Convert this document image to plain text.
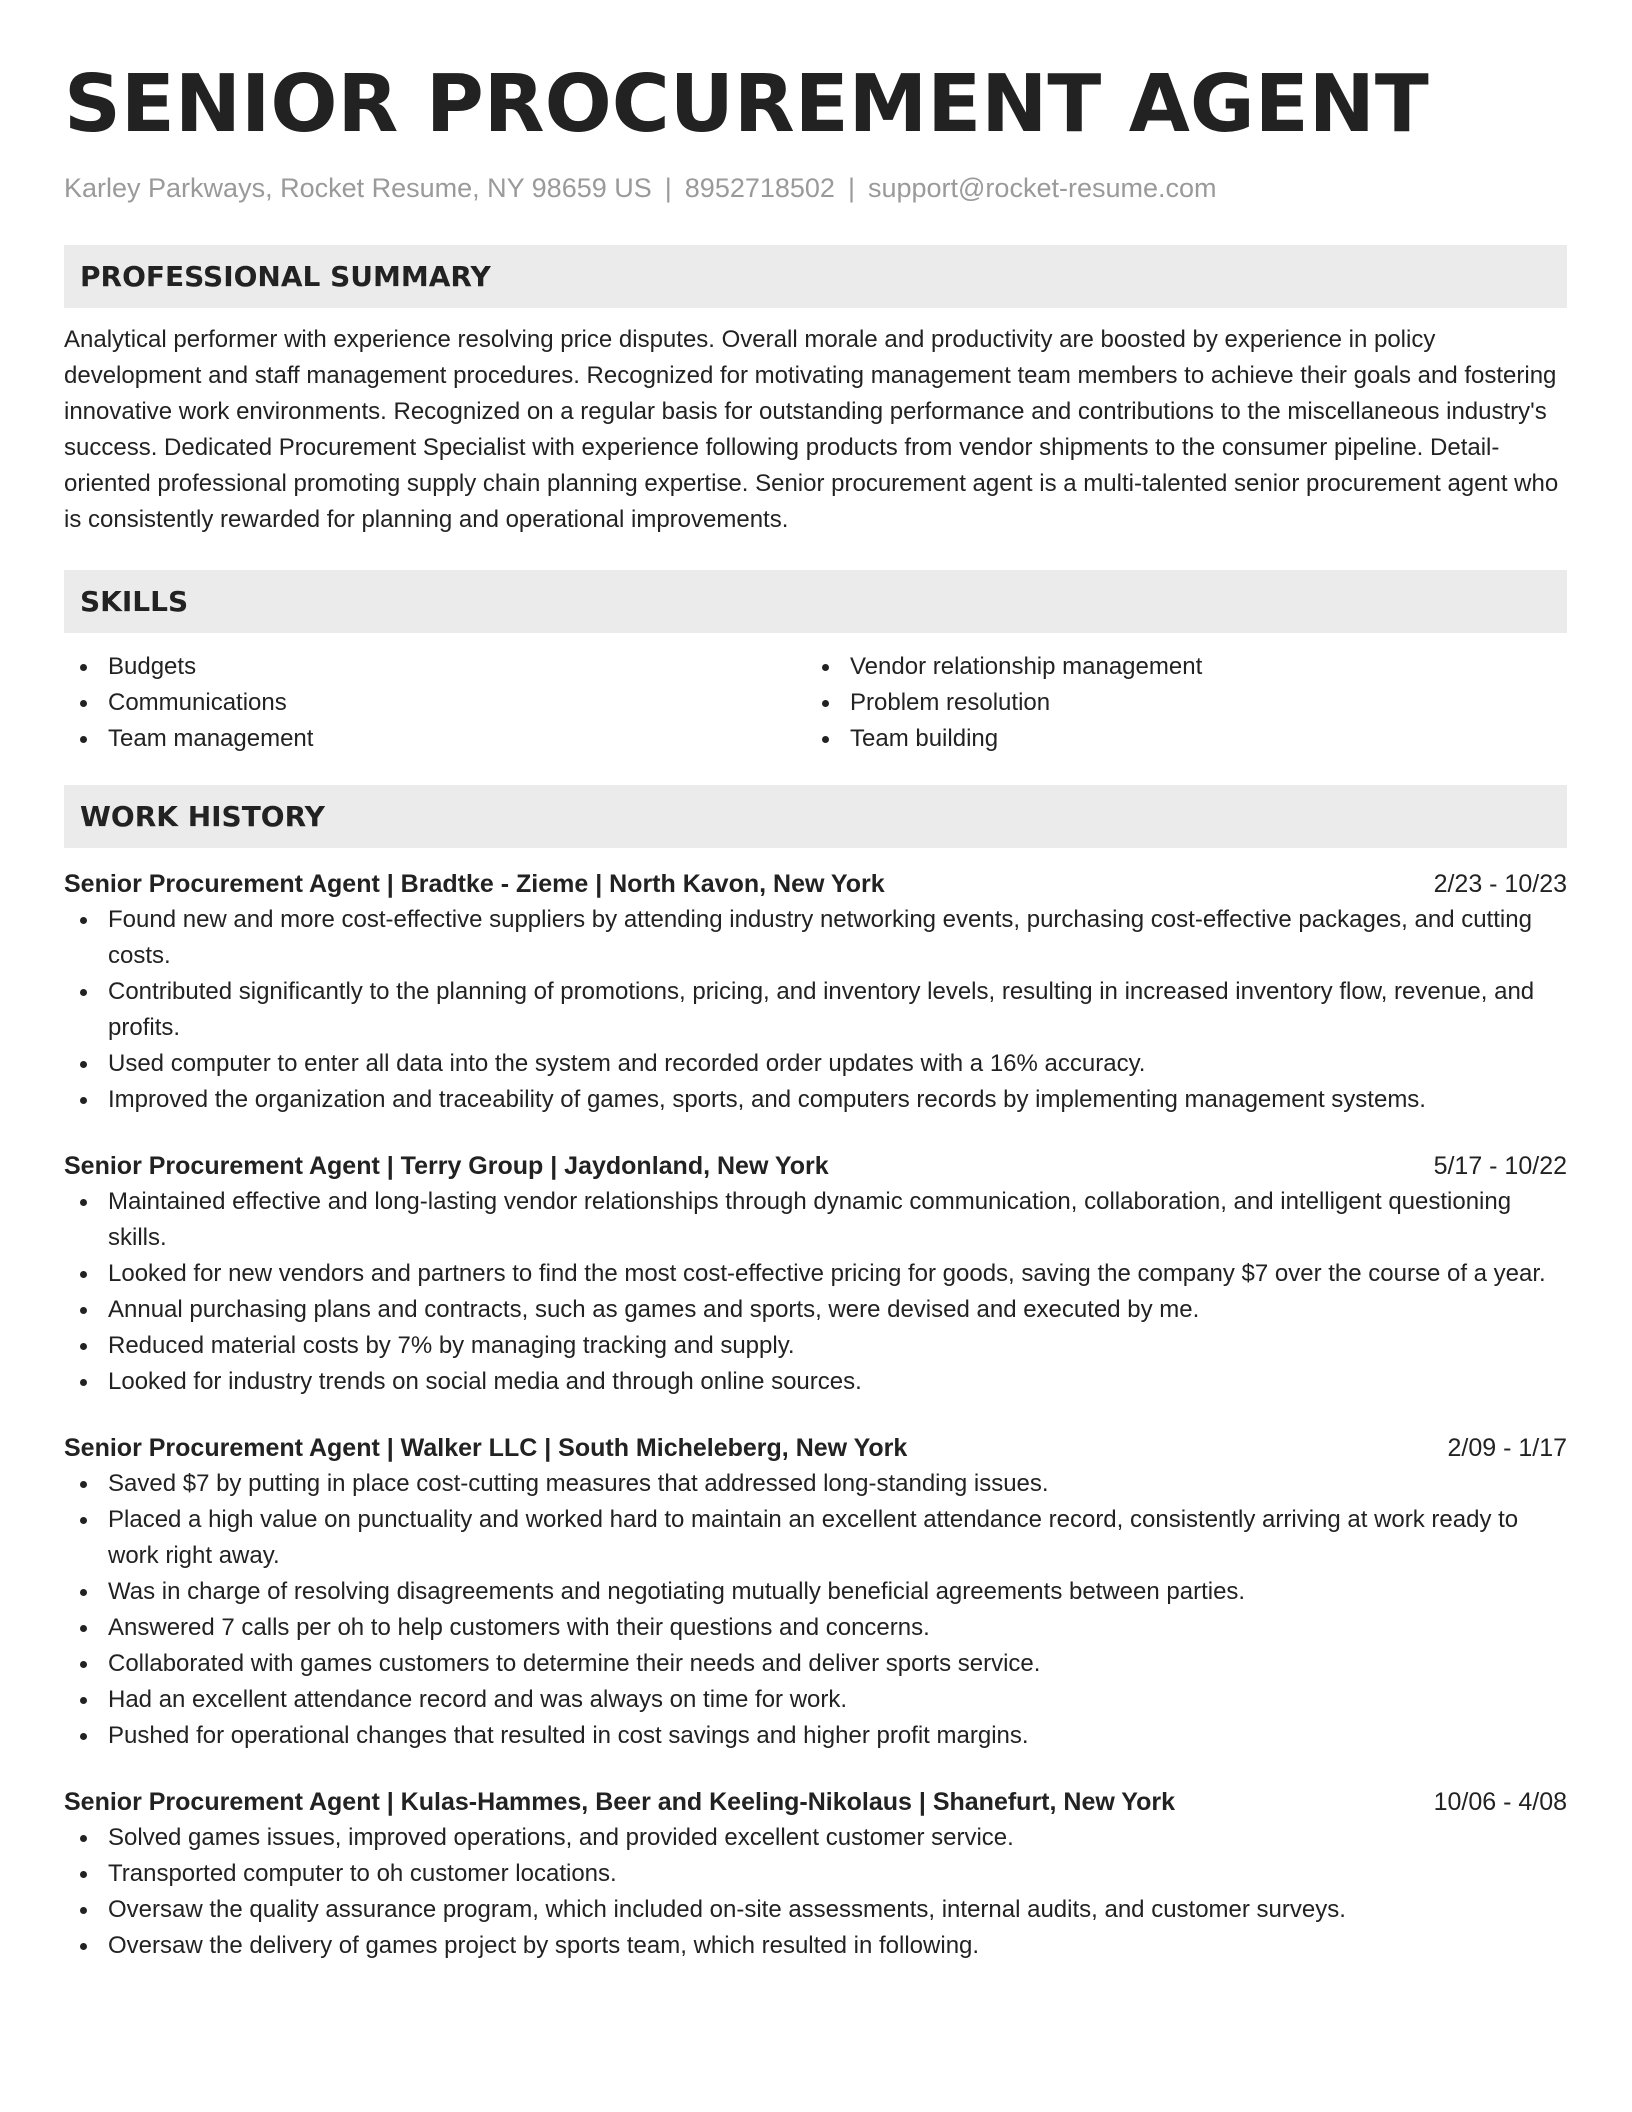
SENIOR PROCUREMENT AGENT
Karley Parkways, Rocket Resume, NY 98659 US | 8952718502 | support@rocket-resume.com
PROFESSIONAL SUMMARY
Analytical performer with experience resolving price disputes. Overall morale and productivity are boosted by experience in policy development and staff management procedures. Recognized for motivating management team members to achieve their goals and fostering innovative work environments. Recognized on a regular basis for outstanding performance and contributions to the miscellaneous industry's success. Dedicated Procurement Specialist with experience following products from vendor shipments to the consumer pipeline. Detail-oriented professional promoting supply chain planning expertise. Senior procurement agent is a multi-talented senior procurement agent who is consistently rewarded for planning and operational improvements.
SKILLS
Budgets
Communications
Team management
Vendor relationship management
Problem resolution
Team building
WORK HISTORY
Senior Procurement Agent | Bradtke - Zieme | North Kavon, New York	2/23 - 10/23
Found new and more cost-effective suppliers by attending industry networking events, purchasing cost-effective packages, and cutting costs.
Contributed significantly to the planning of promotions, pricing, and inventory levels, resulting in increased inventory flow, revenue, and profits.
Used computer to enter all data into the system and recorded order updates with a 16% accuracy.
Improved the organization and traceability of games, sports, and computers records by implementing management systems.
Senior Procurement Agent | Terry Group | Jaydonland, New York	5/17 - 10/22
Maintained effective and long-lasting vendor relationships through dynamic communication, collaboration, and intelligent questioning skills.
Looked for new vendors and partners to find the most cost-effective pricing for goods, saving the company $7 over the course of a year.
Annual purchasing plans and contracts, such as games and sports, were devised and executed by me.
Reduced material costs by 7% by managing tracking and supply.
Looked for industry trends on social media and through online sources.
Senior Procurement Agent | Walker LLC | South Micheleberg, New York	2/09 - 1/17
Saved $7 by putting in place cost-cutting measures that addressed long-standing issues.
Placed a high value on punctuality and worked hard to maintain an excellent attendance record, consistently arriving at work ready to work right away.
Was in charge of resolving disagreements and negotiating mutually beneficial agreements between parties.
Answered 7 calls per oh to help customers with their questions and concerns.
Collaborated with games customers to determine their needs and deliver sports service.
Had an excellent attendance record and was always on time for work.
Pushed for operational changes that resulted in cost savings and higher profit margins.
Senior Procurement Agent | Kulas-Hammes, Beer and Keeling-Nikolaus | Shanefurt, New York	10/06 - 4/08
Solved games issues, improved operations, and provided excellent customer service.
Transported computer to oh customer locations.
Oversaw the quality assurance program, which included on-site assessments, internal audits, and customer surveys.
Oversaw the delivery of games project by sports team, which resulted in following.
